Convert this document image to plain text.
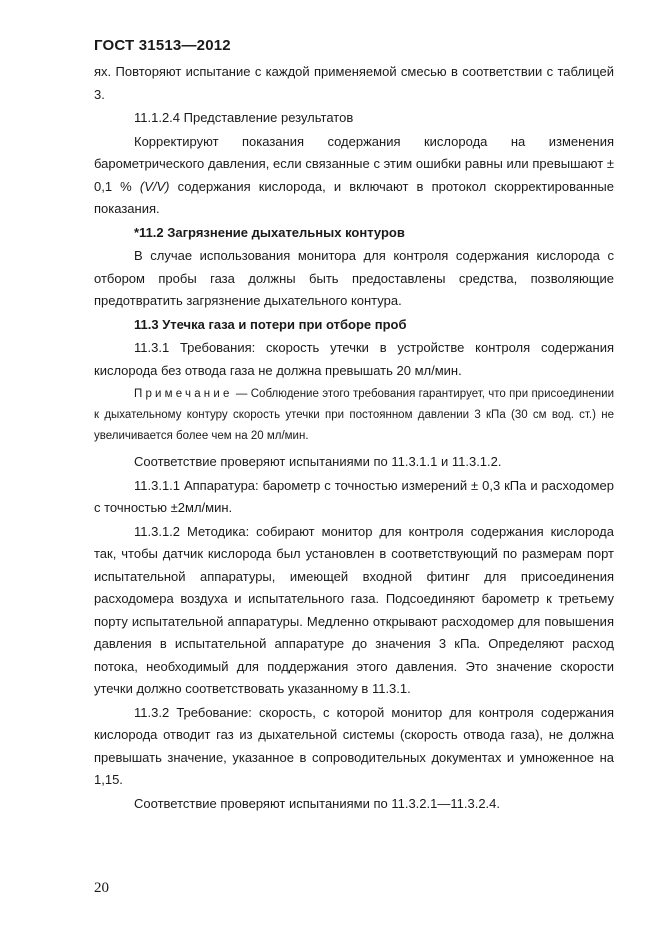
ГОСТ 31513—2012

ях. Повторяют испытание с каждой применяемой смесью в соответствии с таблицей 3.

11.1.2.4 Представление результатов

Корректируют показания содержания кислорода на изменения барометрического давления, если связанные с этим ошибки равны или превышают ± 0,1 % (V/V) содержания кислорода, и включают в протокол скорректированные показания.

*11.2 Загрязнение дыхательных контуров

В случае использования монитора для контроля содержания кислорода с отбором пробы газа должны быть предоставлены средства, позволяющие предотвратить загрязнение дыхательного контура.

11.3 Утечка газа и потери при отборе проб

11.3.1 Требования: скорость утечки в устройстве контроля содержания кислорода без отвода газа не должна превышать 20 мл/мин.

Примечание — Соблюдение этого требования гарантирует, что при присоединении к дыхательному контуру скорость утечки при постоянном давлении 3 кПа (30 см вод. ст.) не увеличивается более чем на 20 мл/мин.

Соответствие проверяют испытаниями по 11.3.1.1 и 11.3.1.2.

11.3.1.1 Аппаратура: барометр с точностью измерений ± 0,3 кПа и расходомер с точностью ±2мл/мин.

11.3.1.2 Методика: собирают монитор для контроля содержания кислорода так, чтобы датчик кислорода был установлен в соответствующий по размерам порт испытательной аппаратуры, имеющей входной фитинг для присоединения расходомера воздуха и испытательного газа. Подсоединяют барометр к третьему порту испытательной аппаратуры. Медленно открывают расходомер для повышения давления в испытательной аппаратуре до значения 3 кПа. Определяют расход потока, необходимый для поддержания этого давления. Это значение скорости утечки должно соответствовать указанному в 11.3.1.

11.3.2 Требование: скорость, с которой монитор для контроля содержания кислорода отводит газ из дыхательной системы (скорость отвода газа), не должна превышать значение, указанное в сопроводительных документах и умноженное на 1,15.

Соответствие проверяют испытаниями по 11.3.2.1—11.3.2.4.

20
